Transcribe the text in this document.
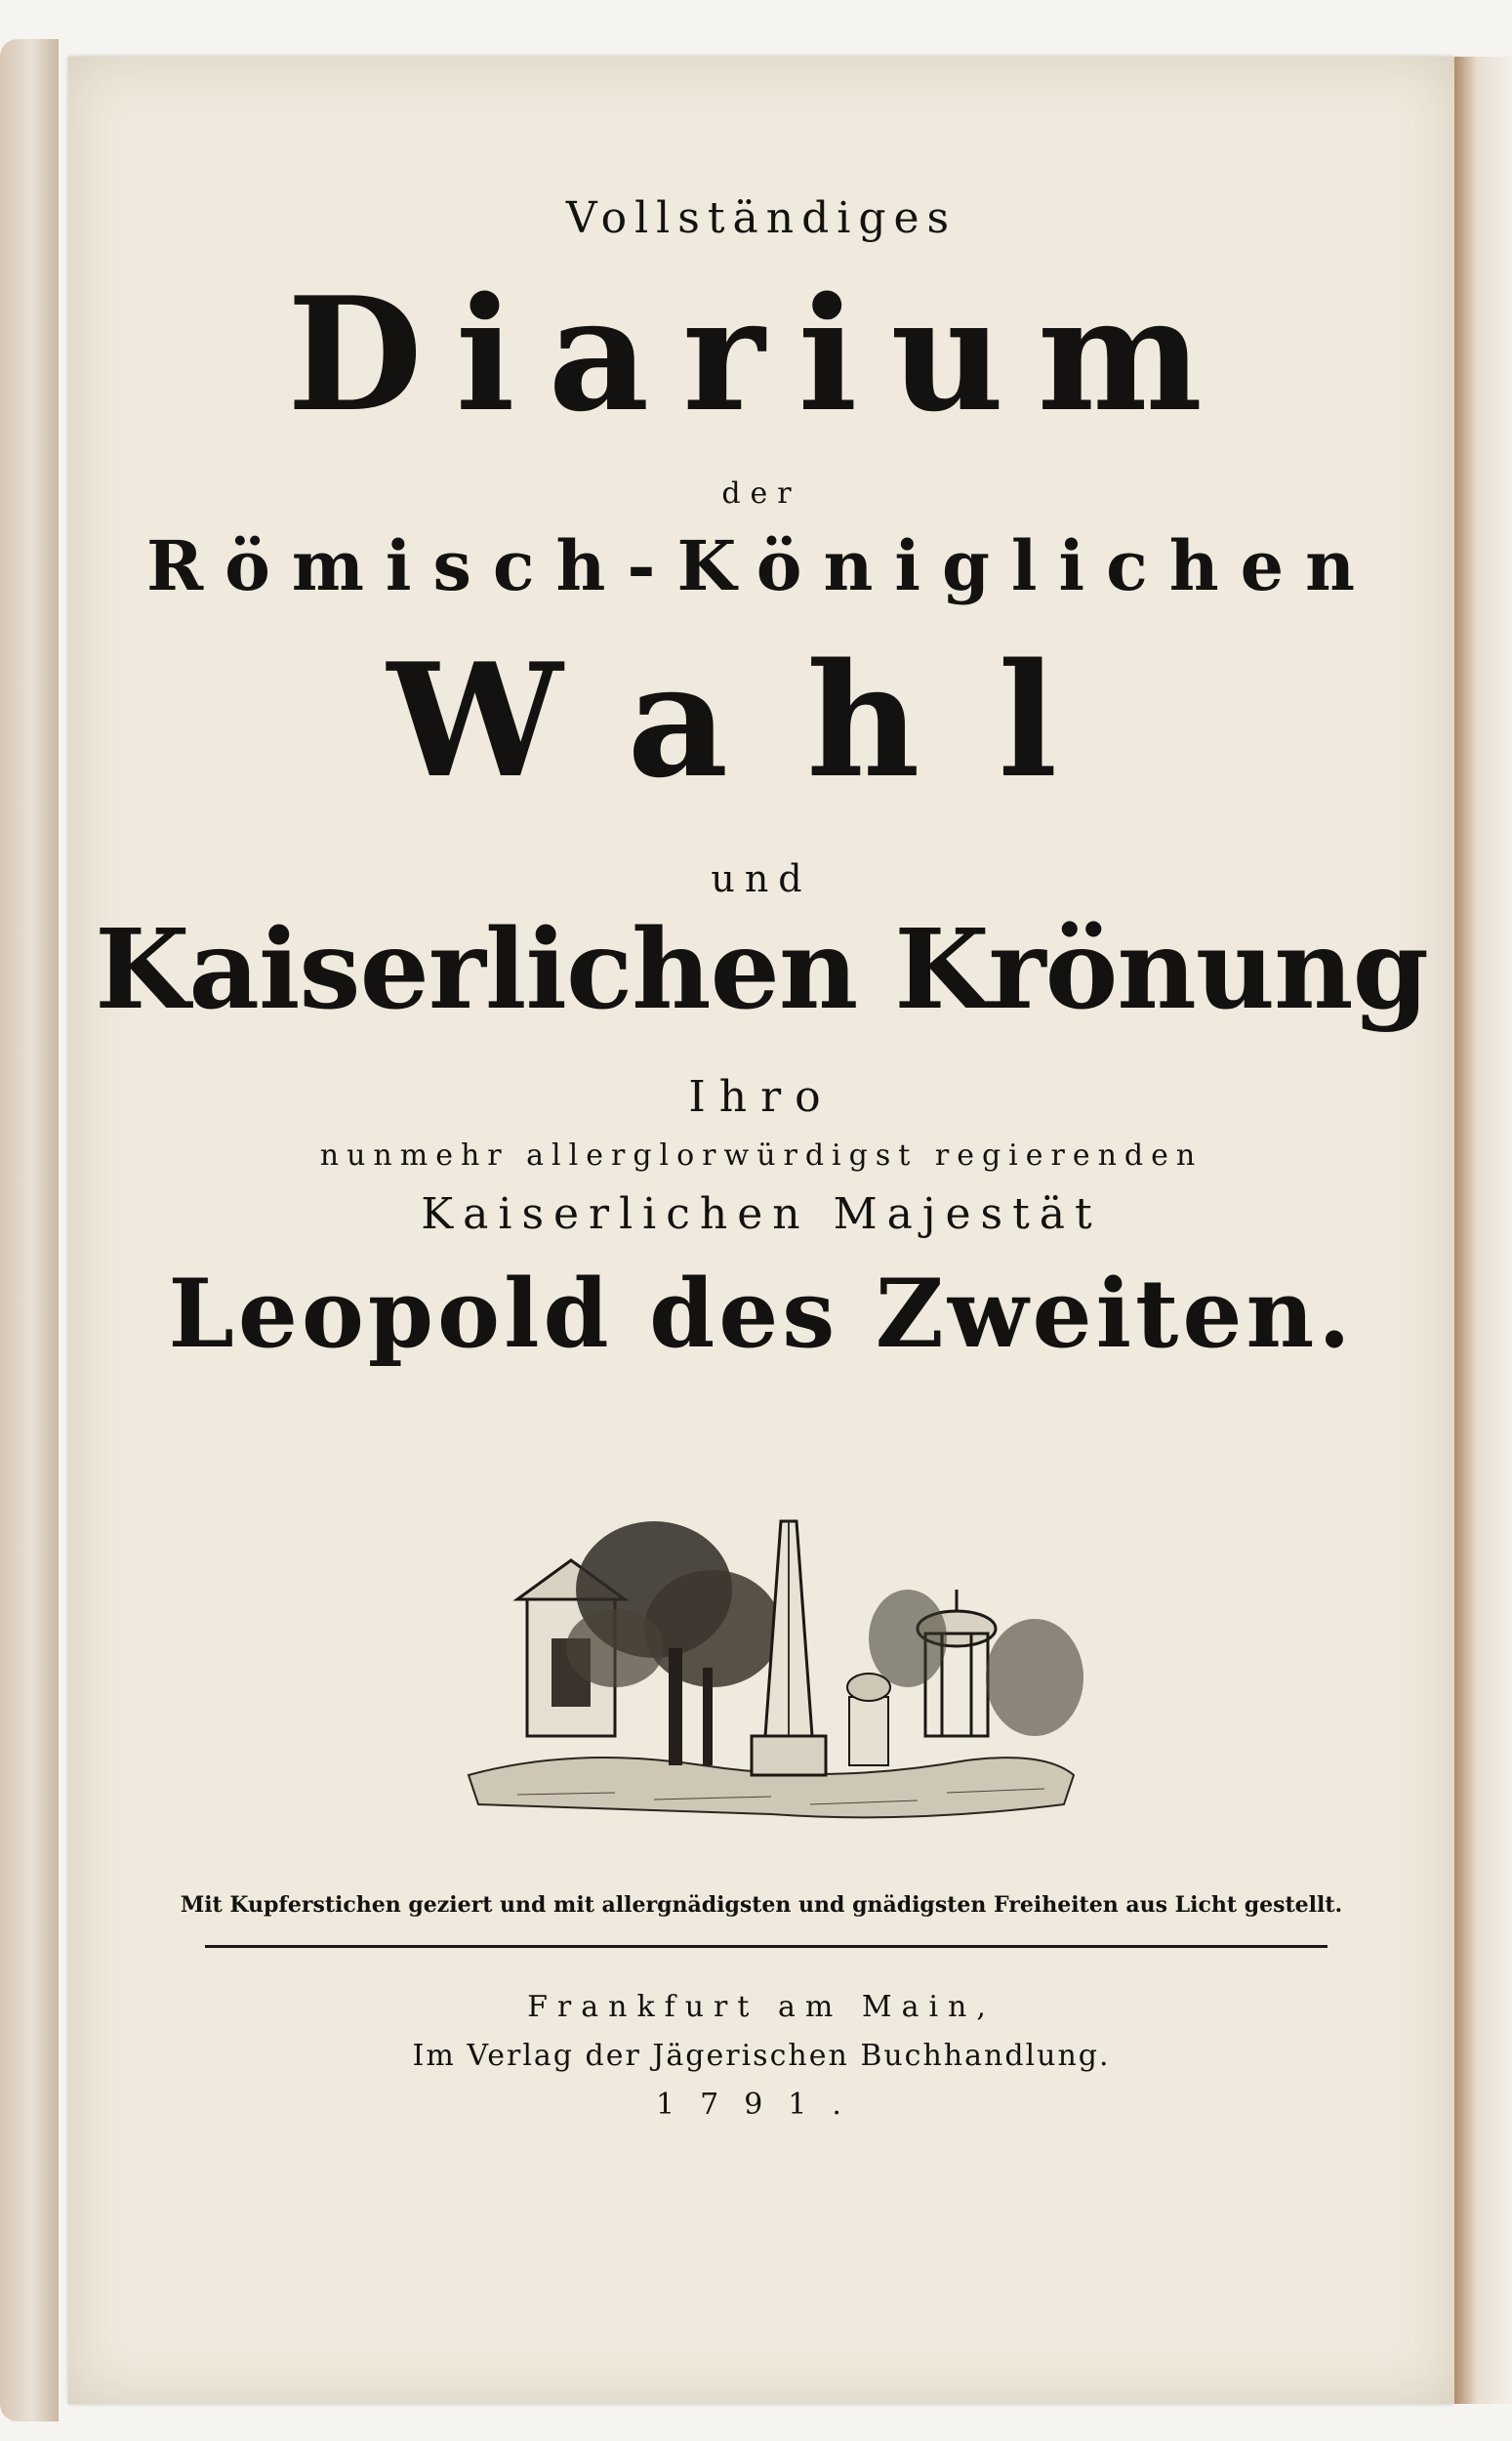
Vollständiges

Diarium

der

Römisch-Königlichen

Wahl

und

Kaiserlichen Krönung

Ihro

nunmehr allerglorwürdigst regierenden

Kaiserlichen Majestät

Leopold des Zweiten.

Mit Kupferstichen geziert und mit allergnädigsten und gnädigsten Freiheiten aus Licht gestellt.

Frankfurt am Main,

Im Verlag der Jägerischen Buchhandlung.

1791.
